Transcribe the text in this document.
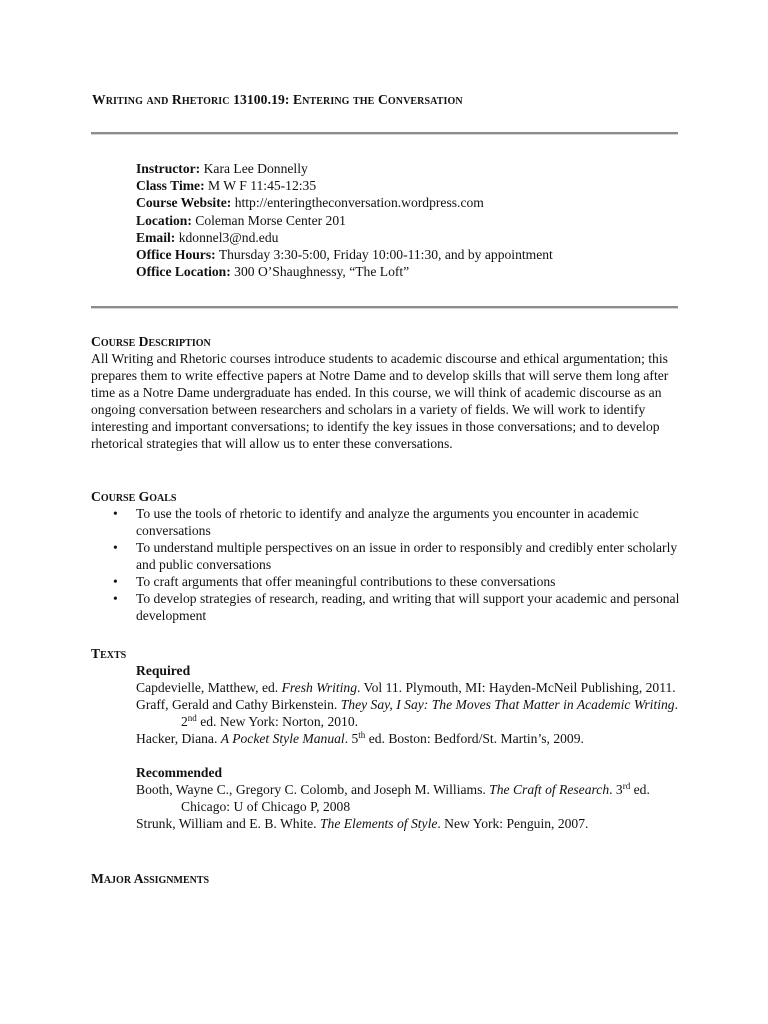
Writing and Rhetoric 13100.19: Entering the Conversation
Instructor: Kara Lee Donnelly
Class Time: M W F 11:45-12:35
Course Website: http://enteringtheconversation.wordpress.com
Location: Coleman Morse Center 201
Email: kdonnel3@nd.edu
Office Hours: Thursday 3:30-5:00, Friday 10:00-11:30, and by appointment
Office Location: 300 O’Shaughnessy, “The Loft”
Course Description

All Writing and Rhetoric courses introduce students to academic discourse and ethical argumentation; this prepares them to write effective papers at Notre Dame and to develop skills that will serve them long after time as a Notre Dame undergraduate has ended. In this course, we will think of academic discourse as an ongoing conversation between researchers and scholars in a variety of fields. We will work to identify interesting and important conversations; to identify the key issues in those conversations; and to develop rhetorical strategies that will allow us to enter these conversations.

Course Goals
• To use the tools of rhetoric to identify and analyze the arguments you encounter in academic conversations
• To understand multiple perspectives on an issue in order to responsibly and credibly enter scholarly and public conversations
• To craft arguments that offer meaningful contributions to these conversations
• To develop strategies of research, reading, and writing that will support your academic and personal development
Texts
Required
Capdevielle, Matthew, ed. Fresh Writing. Vol 11. Plymouth, MI: Hayden-McNeil Publishing, 2011.
Graff, Gerald and Cathy Birkenstein. They Say, I Say: The Moves That Matter in Academic Writing. 2nd ed. New York: Norton, 2010.
Hacker, Diana. A Pocket Style Manual. 5th ed. Boston: Bedford/St. Martin’s, 2009.
Recommended
Booth, Wayne C., Gregory C. Colomb, and Joseph M. Williams. The Craft of Research. 3rd ed. Chicago: U of Chicago P, 2008
Strunk, William and E. B. White. The Elements of Style. New York: Penguin, 2007.
Major Assignments
